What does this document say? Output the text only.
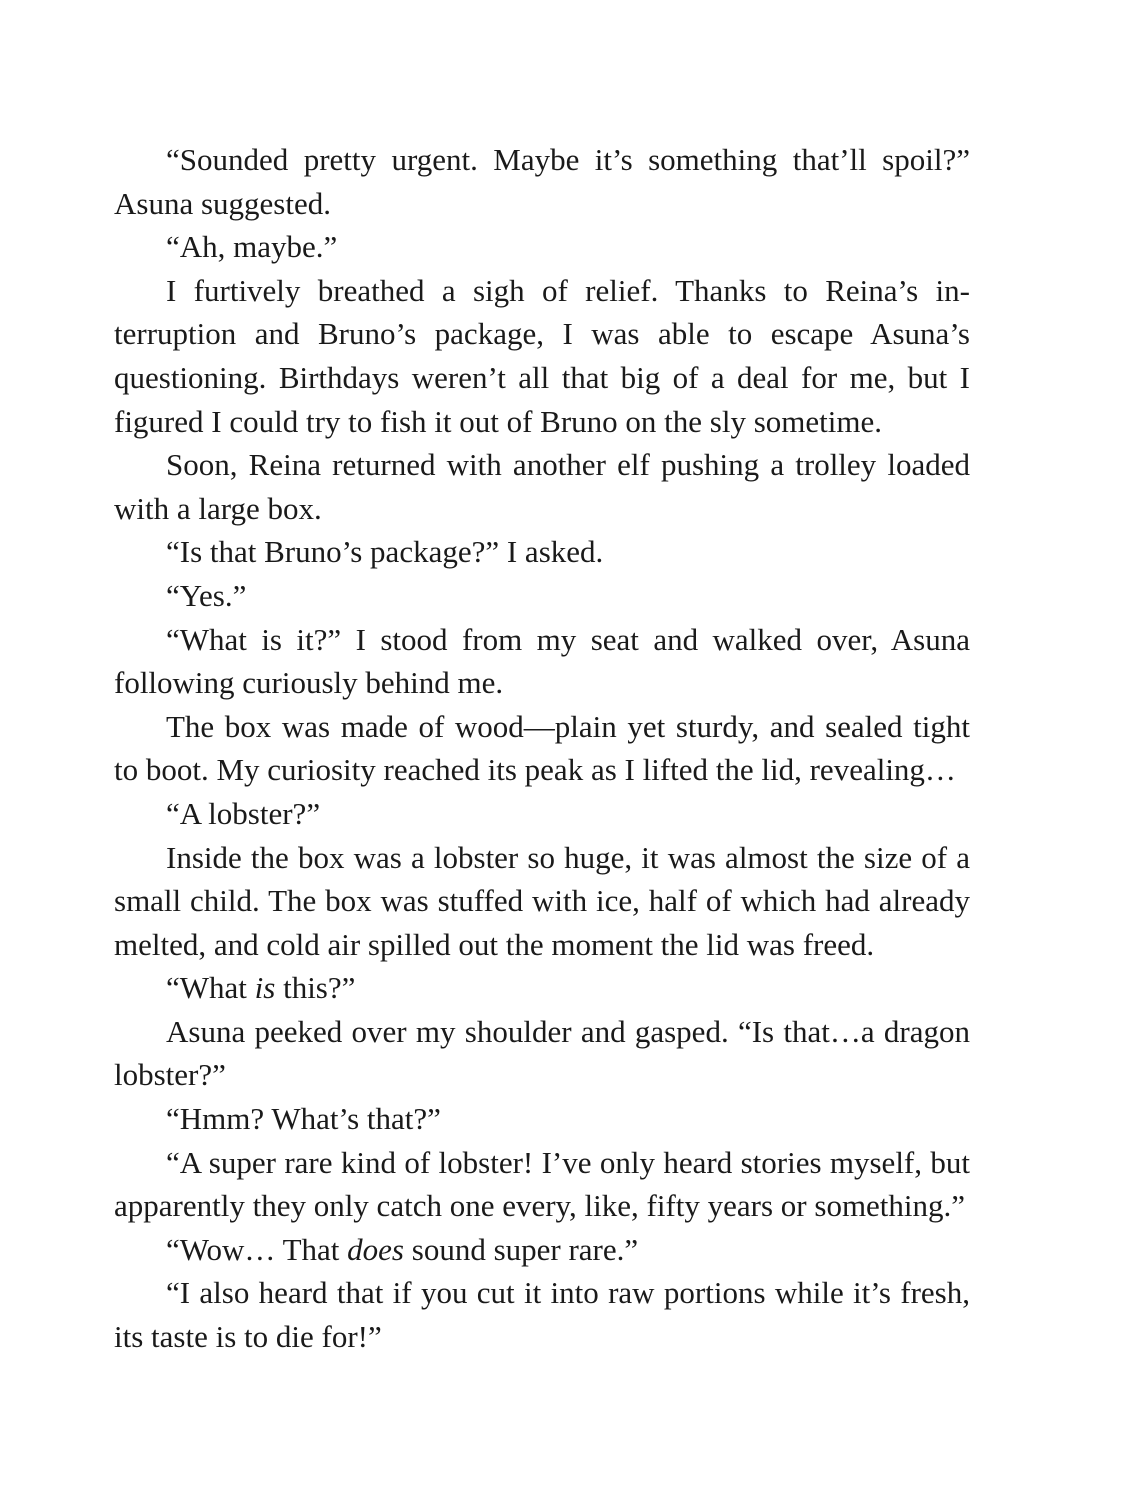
“Sounded pretty urgent. Maybe it’s something that’ll spoil?” Asuna suggested.

“Ah, maybe.”

I furtively breathed a sigh of relief. Thanks to Reina’s interruption and Bruno’s package, I was able to escape Asuna’s questioning. Birthdays weren’t all that big of a deal for me, but I figured I could try to fish it out of Bruno on the sly sometime.

Soon, Reina returned with another elf pushing a trolley loaded with a large box.

“Is that Bruno’s package?” I asked.

“Yes.”

“What is it?” I stood from my seat and walked over, Asuna following curiously behind me.

The box was made of wood—plain yet sturdy, and sealed tight to boot. My curiosity reached its peak as I lifted the lid, revealing…

“A lobster?”

Inside the box was a lobster so huge, it was almost the size of a small child. The box was stuffed with ice, half of which had already melted, and cold air spilled out the moment the lid was freed.

“What is this?”

Asuna peeked over my shoulder and gasped. “Is that…a dragon lobster?”

“Hmm? What’s that?”

“A super rare kind of lobster! I’ve only heard stories myself, but apparently they only catch one every, like, fifty years or something.”

“Wow… That does sound super rare.”

“I also heard that if you cut it into raw portions while it’s fresh, its taste is to die for!”
